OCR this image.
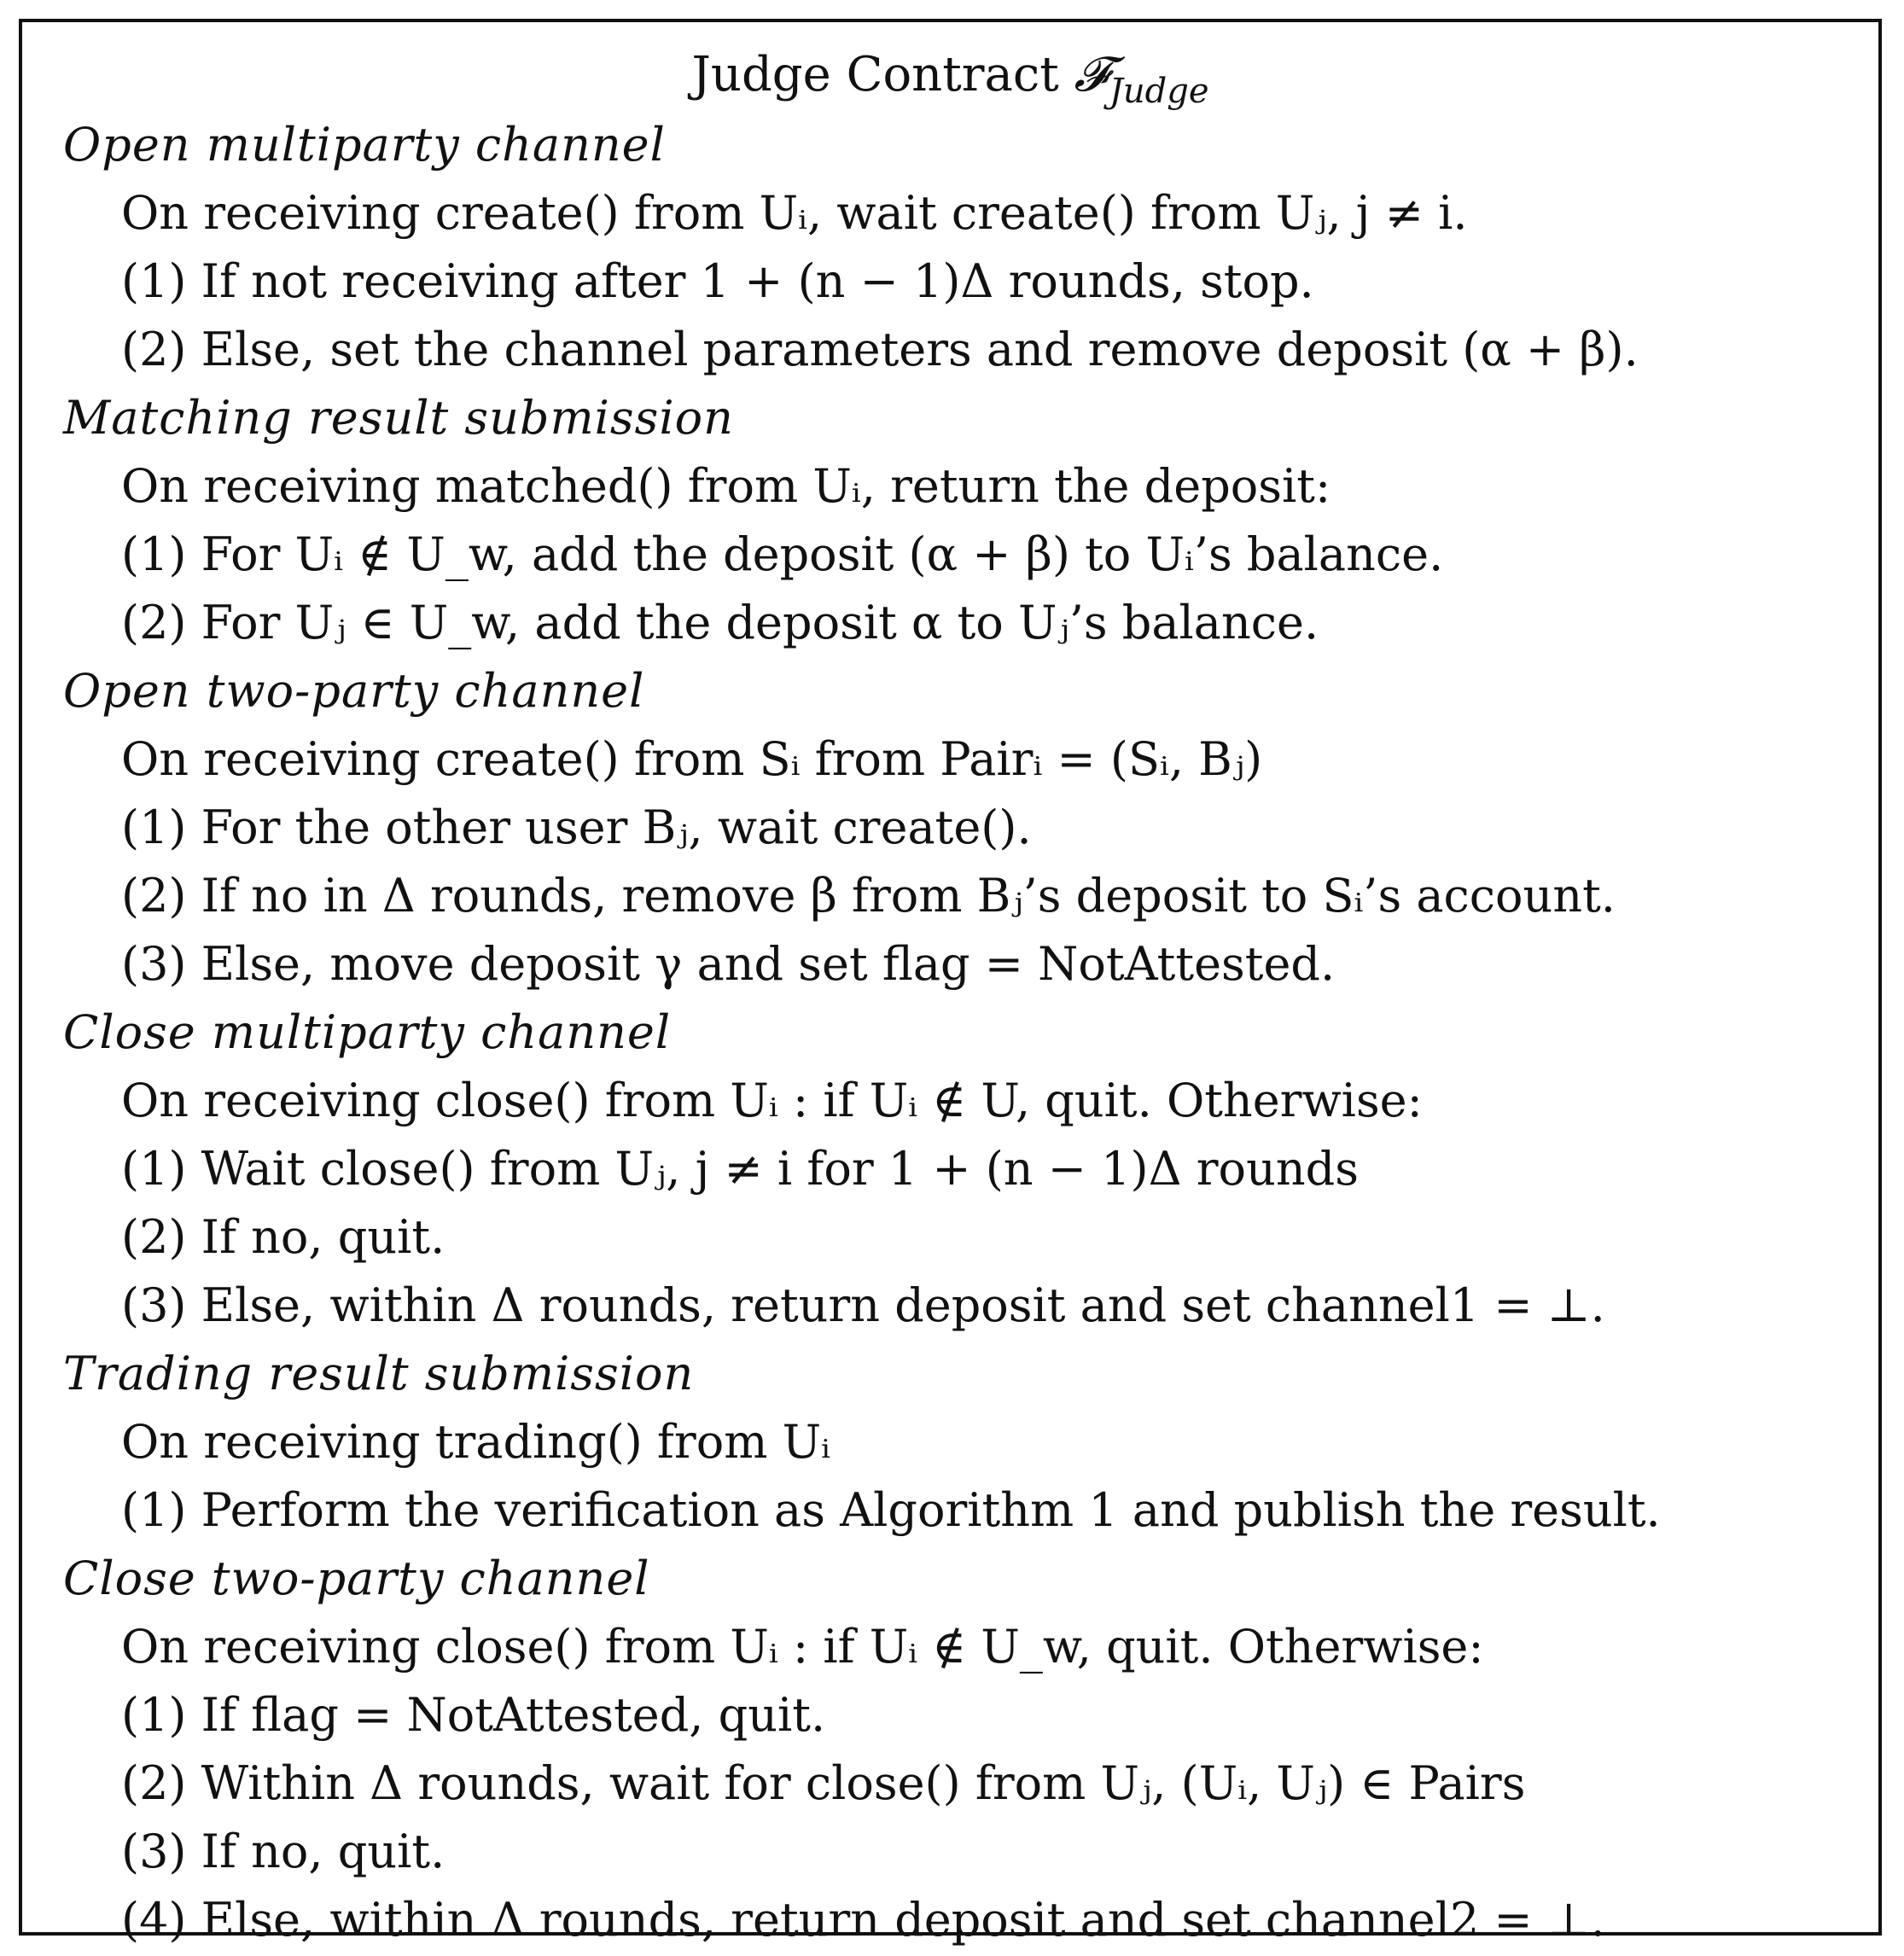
Judge Contract 𝓕$_{Judge}$
Open multiparty channel
On receiving create() from Uᵢ, wait create() from Uⱼ, j ≠ i.
(1) If not receiving after 1 + (n − 1)Δ rounds, stop.
(2) Else, set the channel parameters and remove deposit (α + β).
Matching result submission
On receiving matched() from Uᵢ, return the deposit:
(1) For Uᵢ ∉ U_w, add the deposit (α + β) to Uᵢ’s balance.
(2) For Uⱼ ∈ U_w, add the deposit α to Uⱼ’s balance.
Open two-party channel
On receiving create() from Sᵢ from Pairᵢ = (Sᵢ, Bⱼ)
(1) For the other user Bⱼ, wait create().
(2) If no in Δ rounds, remove β from Bⱼ’s deposit to Sᵢ’s account.
(3) Else, move deposit γ and set flag = NotAttested.
Close multiparty channel
On receiving close() from Uᵢ : if Uᵢ ∉ U, quit. Otherwise:
(1) Wait close() from Uⱼ, j ≠ i for 1 + (n − 1)Δ rounds
(2) If no, quit.
(3) Else, within Δ rounds, return deposit and set channel1 = ⊥.
Trading result submission
On receiving trading() from Uᵢ
(1) Perform the verification as Algorithm 1 and publish the result.
Close two-party channel
On receiving close() from Uᵢ : if Uᵢ ∉ U_w, quit. Otherwise:
(1) If flag = NotAttested, quit.
(2) Within Δ rounds, wait for close() from Uⱼ, (Uᵢ, Uⱼ) ∈ Pairs
(3) If no, quit.
(4) Else, within Δ rounds, return deposit and set channel2 = ⊥.
